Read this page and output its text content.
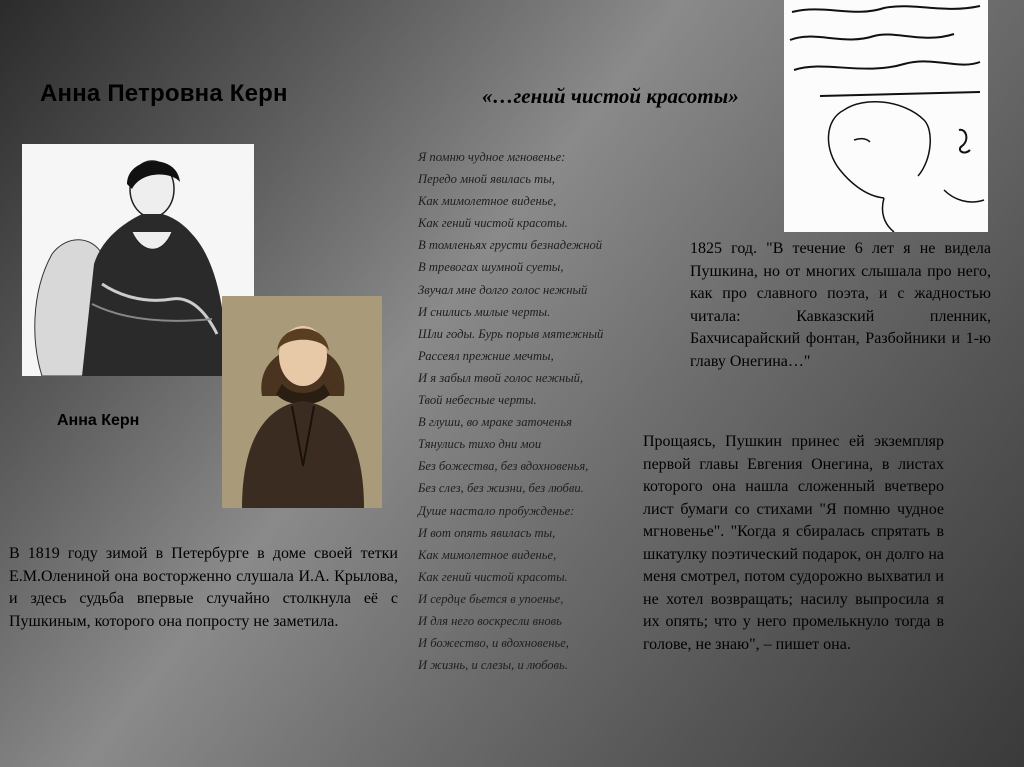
Анна Петровна Керн	«…гений чистой красоты»
Анна Керн
Я помню чудное мгновенье:
Передо мной явилась ты,
Как мимолетное виденье,
Как гений чистой красоты.
В томленьях грусти безнадежной
В тревогах шумной суеты,
Звучал мне долго голос нежный
И снились милые черты.
Шли годы. Бурь порыв мятежный
Рассеял прежние мечты,
И я забыл твой голос нежный,
Твой небесные черты.
В глуши, во мраке заточенья
Тянулись тихо дни мои
Без божества, без вдохновенья,
Без слез, без жизни, без любви.
Душе настало пробужденье:
И вот опять явилась ты,
Как мимолетное виденье,
Как гений чистой красоты.
И сердце бьется в упоенье,
И для него воскресли вновь
И божество, и вдохновенье,
И жизнь, и слезы, и любовь.
В 1819 году зимой в Петербурге в доме своей тетки Е.М.Олениной она восторженно слушала И.А. Крылова, и здесь судьба впервые случайно столкнула её с Пушкиным, которого она попросту не заметила.
1825 год. "В течение 6 лет я не видела Пушкина, но от многих слышала про него, как про славного поэта, и с жадностью читала: Кавказский пленник, Бахчисарайский фонтан, Разбойники и 1-ю главу Онегина…"
Прощаясь, Пушкин принес ей экземпляр первой главы Евгения Онегина, в листах которого она нашла сложенный вчетверо лист бумаги со стихами "Я помню чудное мгновенье". "Когда я сбиралась спрятать в шкатулку поэтический подарок, он долго на меня смотрел, потом судорожно выхватил и не хотел возвращать; насилу выпросила я их опять; что у него промелькнуло тогда в голове, не знаю", – пишет она.
